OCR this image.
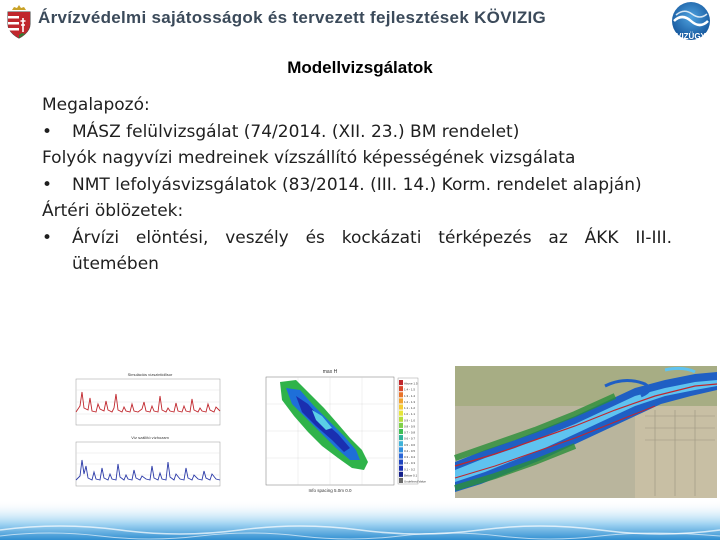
Árvízvédelmi sajátosságok és tervezett fejlesztések KÖVIZIG
VIZÜGY
Modellvizsgálatok
Megalapozó:
• MÁSZ felülvizsgálat (74/2014. (XII. 23.) BM rendelet)
Folyók nagyvízi medreinek vízszállító képességének vizsgálata
• NMT lefolyásvizsgálatok (83/2014. (III. 14.) Korm. rendelet alapján)
Ártéri öblözetek:
• Árvízi elöntési, veszély és kockázati térképezés az ÁKK II-III. ütemében
Simulációs vízszintidősor
Víz szállító vízhozam
max H
Info spacing 5.0m 0.0
Above 1.5
1.4 - 1.5
1.3 - 1.4
1.2 - 1.3
1.1 - 1.2
1.0 - 1.1
0.9 - 1.0
0.8 - 0.9
0.7 - 0.8
0.6 - 0.7
0.5 - 0.6
0.4 - 0.5
0.3 - 0.4
0.2 - 0.3
0.1 - 0.2
Below 0.1
Undefined Value
